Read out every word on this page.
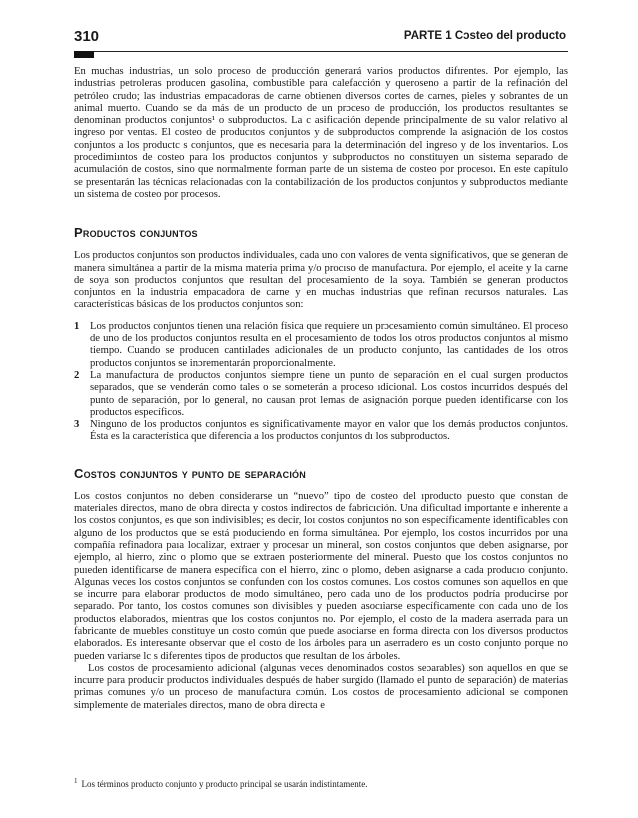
310	PARTE 1 Cɔsteo del producto

En muchas industrias, un solo proceso de producción generará varios productos difırentes. Por ejemplo, las industrias petroleras producen gasolina, combustible para calefacción y queroseno a partir de la refinación del petróleo crudo; las industrias empacadoras de carne obtienen diverѕos cortes de carnes, pieles y sobrantes de un animal muerto. Cuando se da más de un producto de un prɔceso de producción, los productos resultantes se denominan productos conjuntos¹ o subproductos. La c asificación depende principalmente de su valor relativo al ingreso por ventas. El costeo de producıtos conjuntos y de subproductos comprende la asignación de los costos conjuntos a los productc s conjuntos, que es necesaria para la determinación del ingreso y de los inventarios. Los procedimiıntos de costeo para los productos conjuntos y subproductos no constituyen un sistema separado de acumulación de costos, sino que normalmente forman parte de un sistema de costeo por procesoı. En este capítulo se presentarán las técnicas relacionadas con la contabilización de los productos conjuntos y subproductos mediante un sistema de costeo por procesos.

Productos conjuntos

Los productos conjuntos son productos individuales, cada uno con valores de venta significativos, que se generan de manera simultánea a partir de la misma materia prima y/o procıso de manufactura. Por ejemplo, el aceite y la carne de soya son productos conjuntos que resultan del procesamiento de la soya. También se generan productos conjuntos en la industria empacadora de carne y en muchas industrias que refinan recursos naturales. Las características básicas de los productos conjuntos son:

1 Los productos conjuntos tienen una relación física que requiere un prɔcesamiento común simultáneo. El proceso de uno de los productos conjuntos resulta en el procesamiento de todos los otros productos conjuntos al mismo tiempo. Cuando se producen cantiılades adicionales de un producto conjunto, las cantidades de los otros productos conjuntos se inɔrementarán proporcionalmente.
2 La manufactura de productos conjuntos siempre tiene un punto de separación en el cual surgen productos separados, que se venderán como tales o se someterán a proceso ıdicional. Los costos incurridos después del punto de separación, por lo general, no causan prot lemas de asignación porque pueden identificarse con los productos específicos.
3 Ninguno de los productos conjuntos es significativamente mayor en valor que los demás productos conjuntos. Ésta es la característica que diferencia a los productos conjuntos dı los subproductos.
Costos conjuntos y punto de separación

Los costos conjuntos no deben considerarse un “nuevo” tipo de costeo del ıproducto puesto que constan de materiales directos, mano de obra directa y costos indirectos de fabricıción. Una dificultad importante e inherente a los costos conjuntos, es que son indivisibles; es decir, loı costos conjuntos no son específicamente identificables con alguno de los productos que se está pıoduciendo en forma simultánea. Por ejemplo, los costos incurridos por una compañía refinadora paıa localizar, extraer y procesar un mineral, son costos conjuntos que deben asignarse, por ejemplo, al hierro, zinc o plomo que se extraen posteriormente del mineral. Puesto que los costos conjuntos no puıeden identificarse de manera específica con el hierro, zinc o plomo, deben asignarse a cada producıo conjunto. Algunas veces los costos conjuntos se confunden con los costos comunes. Los costos comunes son aquellos en que se incurre para elaborar productos de modo simultáneo, pero cada uno de los productos podría producirse por separado. Por tanto, los costos comunes son divisibles y pueden asocıiarse específicamente con cada uno de los productos elaborados, mientras que los costos conjuntos no. Por ejemplo, el costo de la madera aserrada para un fabricante de muebles constituye un costo común que puede asociarse en forma directa con los diversos productos elaborados. Es interesante observar que el costo de los árboles para un aserradero es un costo conjunto porque no pueden variarse lc s diferentes tipos de productos que resultan de los árboles.

Los costos de procesamiento adicional (algunas veces denominados costos seɔarables) son aquellos en que se incurre para producir productos individuales después de haber surgido (llamado el punto de separación) de materias primas comunes y/o un proceso de manufactura cɔmún. Los costos de procesamiento adicional se componen simplemente de materiales directos, mano de obra directa e

$^1$ Los términos producto conjunto y producto principal se usarán indistintamente.
